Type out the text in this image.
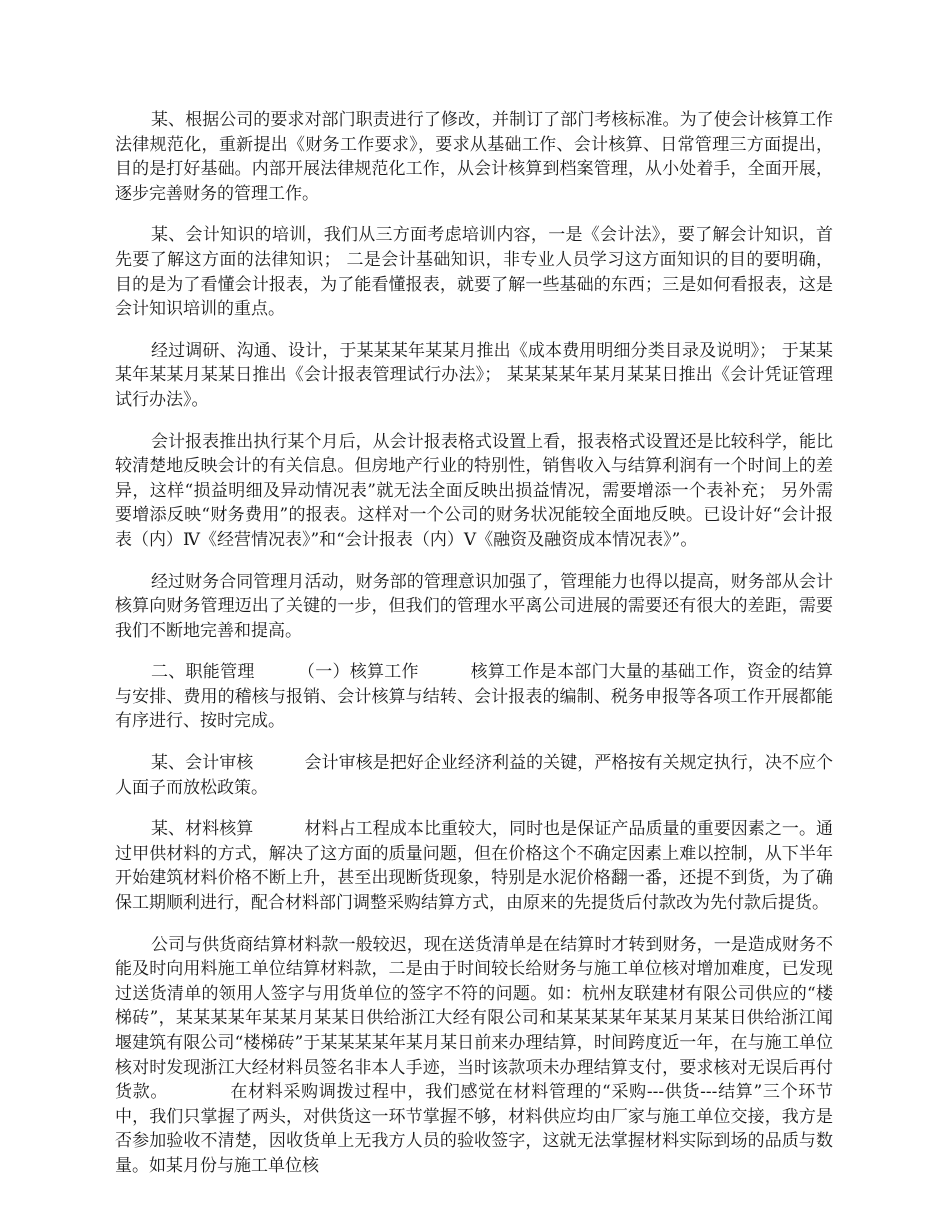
某、根据公司的要求对部门职责进行了修改，并制订了部门考核标准。为了使会计核算工作法律规范化，重新提出《财务工作要求》，要求从基础工作、会计核算、日常管理三方面提出，目的是打好基础。内部开展法律规范化工作，从会计核算到档案管理，从小处着手，全面开展，逐步完善财务的管理工作。

某、会计知识的培训，我们从三方面考虑培训内容，一是《会计法》，要了解会计知识，首先要了解这方面的法律知识； 二是会计基础知识，非专业人员学习这方面知识的目的要明确，目的是为了看懂会计报表，为了能看懂报表，就要了解一些基础的东西；三是如何看报表，这是会计知识培训的重点。

经过调研、沟通、设计，于某某某年某某月推出《成本费用明细分类目录及说明》； 于某某某年某某月某某日推出《会计报表管理试行办法》； 某某某某年某月某某日推出《会计凭证管理试行办法》。

会计报表推出执行某个月后，从会计报表格式设置上看，报表格式设置还是比较科学，能比较清楚地反映会计的有关信息。但房地产行业的特别性，销售收入与结算利润有一个时间上的差异，这样“损益明细及异动情况表”就无法全面反映出损益情况，需要增添一个表补充； 另外需要增添反映“财务费用”的报表。这样对一个公司的财务状况能较全面地反映。已设计好“会计报表（内）Ⅳ《经营情况表》”和“会计报表（内）Ⅴ《融资及融资成本情况表》”。

经过财务合同管理月活动，财务部的管理意识加强了，管理能力也得以提高，财务部从会计核算向财务管理迈出了关键的一步，但我们的管理水平离公司进展的需要还有很大的差距，需要我们不断地完善和提高。

二、职能管理　　　（一）核算工作　　　核算工作是本部门大量的基础工作，资金的结算与安排、费用的稽核与报销、会计核算与结转、会计报表的编制、税务申报等各项工作开展都能有序进行、按时完成。

某、会计审核　　　会计审核是把好企业经济利益的关键，严格按有关规定执行，决不应个人面子而放松政策。

某、材料核算　　　材料占工程成本比重较大，同时也是保证产品质量的重要因素之一。通过甲供材料的方式，解决了这方面的质量问题，但在价格这个不确定因素上难以控制，从下半年开始建筑材料价格不断上升，甚至出现断货现象，特别是水泥价格翻一番，还提不到货，为了确保工期顺利进行，配合材料部门调整采购结算方式，由原来的先提货后付款改为先付款后提货。

公司与供货商结算材料款一般较迟，现在送货清单是在结算时才转到财务，一是造成财务不能及时向用料施工单位结算材料款，二是由于时间较长给财务与施工单位核对增加难度，已发现过送货清单的领用人签字与用货单位的签字不符的问题。如：杭州友联建材有限公司供应的“楼梯砖”，某某某某年某某月某某日供给浙江大经有限公司和某某某某年某某月某某日供给浙江闻堰建筑有限公司“楼梯砖”于某某某某年某月某日前来办理结算，时间跨度近一年，在与施工单位核对时发现浙江大经材料员签名非本人手迹，当时该款项未办理结算支付，要求核对无误后再付货款。　　　　在材料采购调拨过程中，我们感觉在材料管理的“采购---供货---结算”三个环节中，我们只掌握了两头，对供货这一环节掌握不够，材料供应均由厂家与施工单位交接，我方是否参加验收不清楚，因收货单上无我方人员的验收签字，这就无法掌握材料实际到场的品质与数量。如某月份与施工单位核
